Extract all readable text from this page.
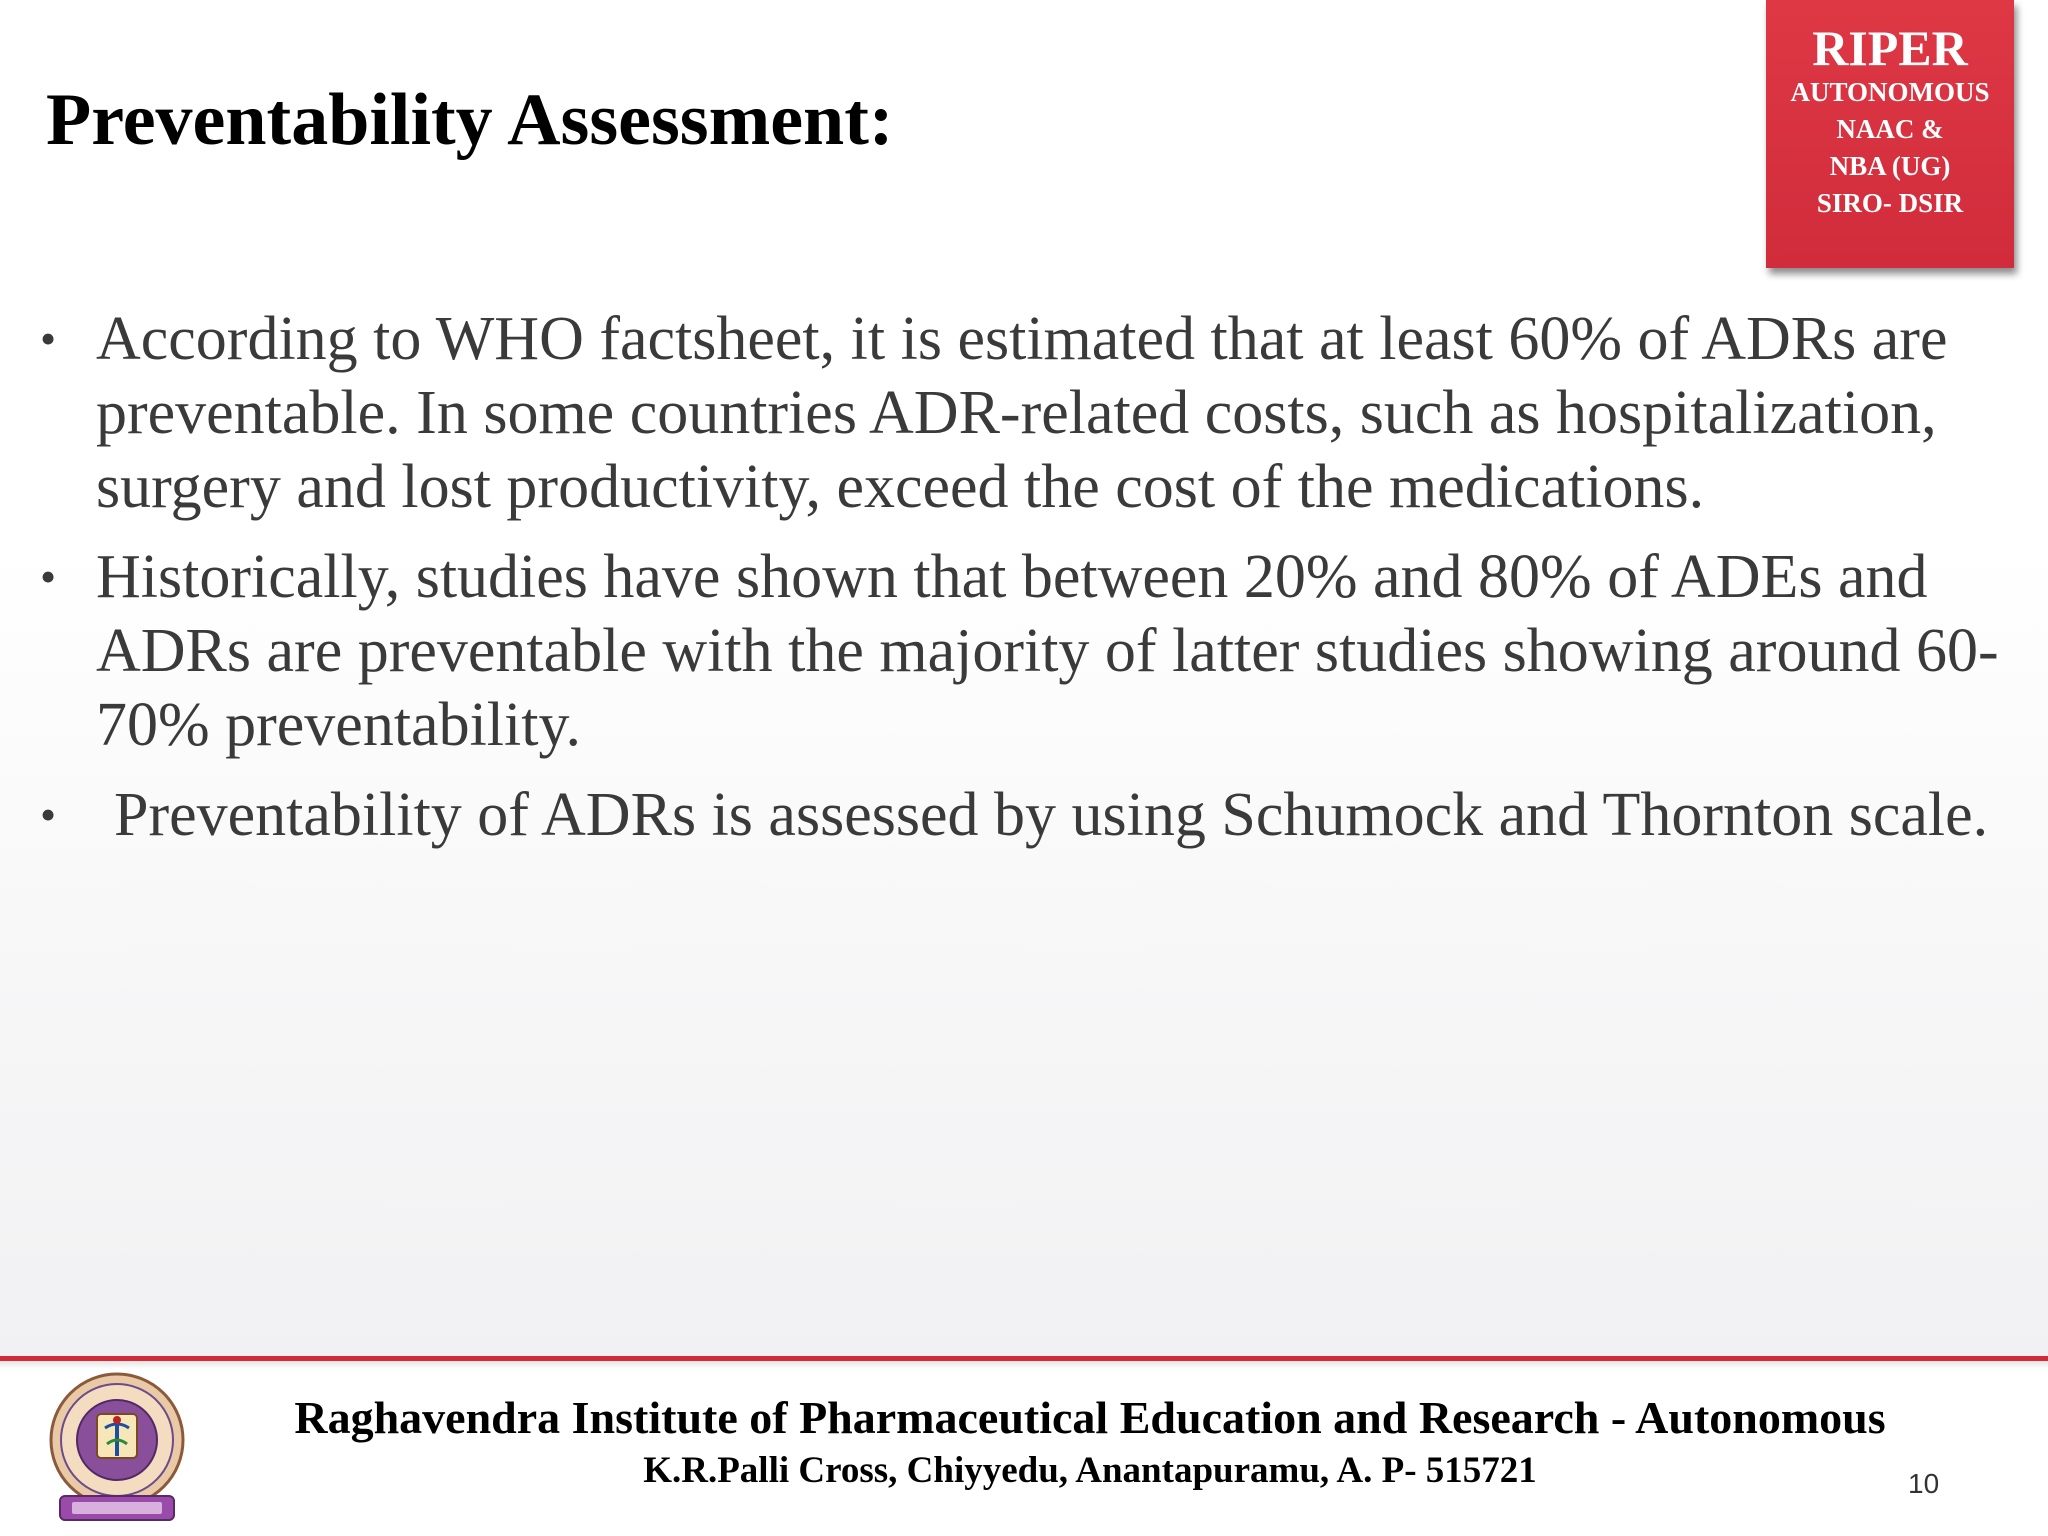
Preventability Assessment:
RIPER
AUTONOMOUS
NAAC &
NBA (UG)
SIRO- DSIR
• According to WHO factsheet, it is estimated that at least 60% of ADRs are preventable. In some countries ADR-related costs, such as hospitalization, surgery and lost productivity, exceed the cost of the medications.
• Historically, studies have shown that between 20% and 80% of ADEs and ADRs are preventable with the majority of latter studies showing around 60- 70% preventability.
• Preventability of ADRs is assessed by using Schumock and Thornton scale.
Raghavendra Institute of Pharmaceutical Education and Research - Autonomous
K.R.Palli Cross, Chiyyedu, Anantapuramu, A. P- 515721	10
